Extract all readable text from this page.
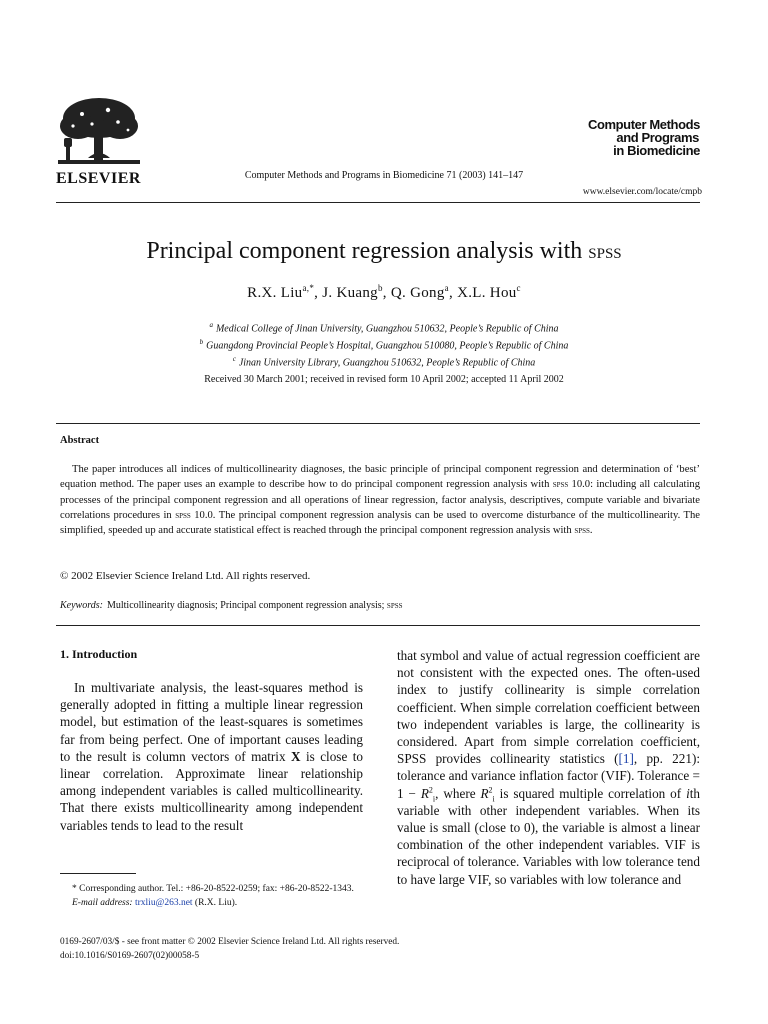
ELSEVIER	Computer Methods and Programs in Biomedicine 71 (2003) 141–147
Computer Methods
and Programs
in Biomedicine
www.elsevier.com/locate/cmpb
Principal component regression analysis with spss
R.X. Liu$^{a,*}$, J. Kuang$^b$, Q. Gong$^a$, X.L. Hou$^c$
$^a$ Medical College of Jinan University, Guangzhou 510632, People’s Republic of China
$^b$ Guangdong Provincial People’s Hospital, Guangzhou 510080, People’s Republic of China
$^c$ Jinan University Library, Guangzhou 510632, People’s Republic of China
Received 30 March 2001; received in revised form 10 April 2002; accepted 11 April 2002
Abstract
The paper introduces all indices of multicollinearity diagnoses, the basic principle of principal component regression and determination of ‘best’ equation method. The paper uses an example to describe how to do principal component regression analysis with spss 10.0: including all calculating processes of the principal component regression and all operations of linear regression, factor analysis, descriptives, compute variable and bivariate correlations procedures in spss 10.0. The principal component regression analysis can be used to overcome disturbance of the multicollinearity. The simplified, speeded up and accurate statistical effect is reached through the principal component regression analysis with spss.
© 2002 Elsevier Science Ireland Ltd. All rights reserved.
Keywords: Multicollinearity diagnosis; Principal component regression analysis; spss
1. Introduction
In multivariate analysis, the least-squares method is generally adopted in fitting a multiple linear regression model, but estimation of the least-squares is sometimes far from being perfect. One of important causes leading to the result is column vectors of matrix X is close to linear correlation. Approximate linear relationship among independent variables is called multicollinearity. That there exists multicollinearity among independent variables tends to lead to the result
that symbol and value of actual regression coefficient are not consistent with the expected ones. The often-used index to justify collinearity is simple correlation coefficient. When simple correlation coefficient between two independent variables is large, the collinearity is considered. Apart from simple correlation coefficient, SPSS provides collinearity statistics ([1], pp. 221): tolerance and variance inflation factor (VIF). Tolerance = $1 - R^2_i$, where $R^2_i$ is squared multiple correlation of ith variable with other independent variables. When its value is small (close to 0), the variable is almost a linear combination of the other independent variables. VIF is reciprocal of tolerance. Variables with low tolerance tend to have large VIF, so variables with low tolerance and
* Corresponding author. Tel.: +86-20-8522-0259; fax: +86-20-8522-1343.
E-mail address: trxliu@263.net (R.X. Liu).
0169-2607/03/$ - see front matter © 2002 Elsevier Science Ireland Ltd. All rights reserved.
doi:10.1016/S0169-2607(02)00058-5
